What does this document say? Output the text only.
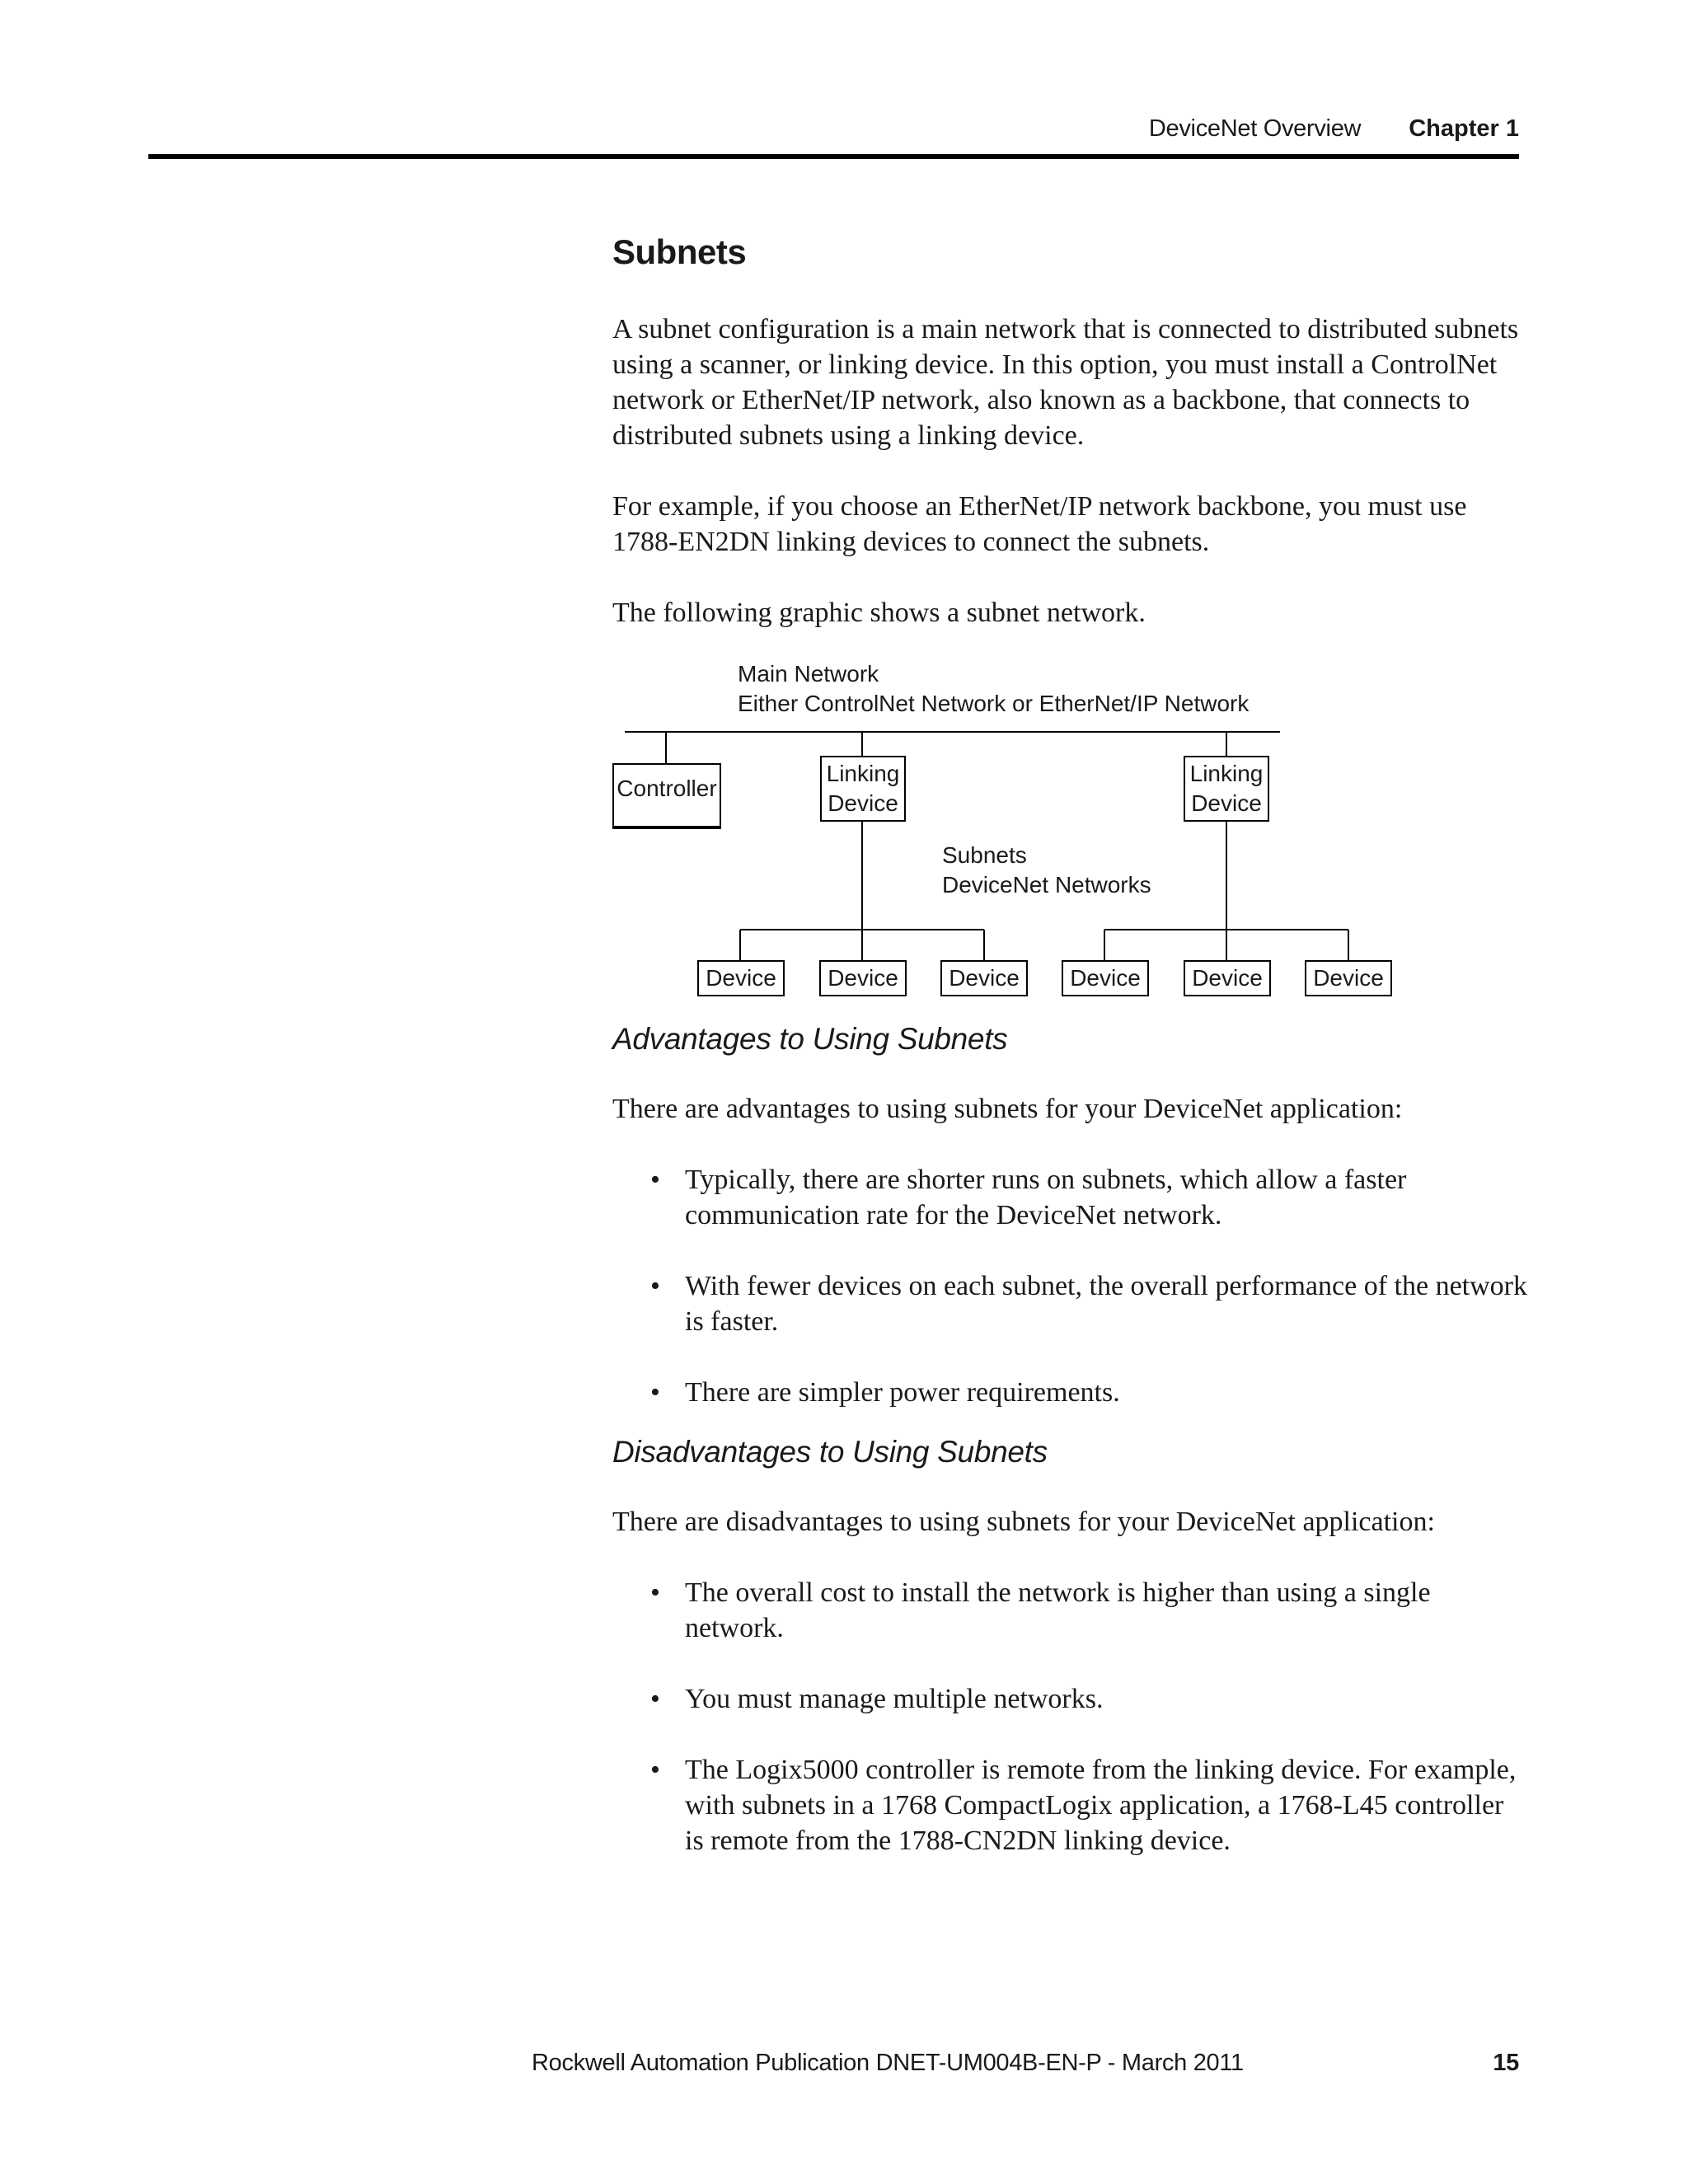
DeviceNet Overview Chapter 1
Subnets

A subnet configuration is a main network that is connected to distributed subnets using a scanner, or linking device. In this option, you must install a ControlNet network or EtherNet/IP network, also known as a backbone, that connects to distributed subnets using a linking device.

For example, if you choose an EtherNet/IP network backbone, you must use 1788-EN2DN linking devices to connect the subnets.

The following graphic shows a subnet network.

Main Network
Either ControlNet Network or EtherNet/IP Network
Controller
Linking
Device
Linking
Device
Subnets
DeviceNet Networks
Device Device Device Device Device Device
Advantages to Using Subnets

There are advantages to using subnets for your DeviceNet application:

• Typically, there are shorter runs on subnets, which allow a faster communication rate for the DeviceNet network.
• With fewer devices on each subnet, the overall performance of the network is faster.
• There are simpler power requirements.
Disadvantages to Using Subnets

There are disadvantages to using subnets for your DeviceNet application:

• The overall cost to install the network is higher than using a single network.
• You must manage multiple networks.
• The Logix5000 controller is remote from the linking device. For example, with subnets in a 1768 CompactLogix application, a 1768-L45 controller is remote from the 1788-CN2DN linking device.
Rockwell Automation Publication DNET-UM004B-EN-P - March 2011	15
